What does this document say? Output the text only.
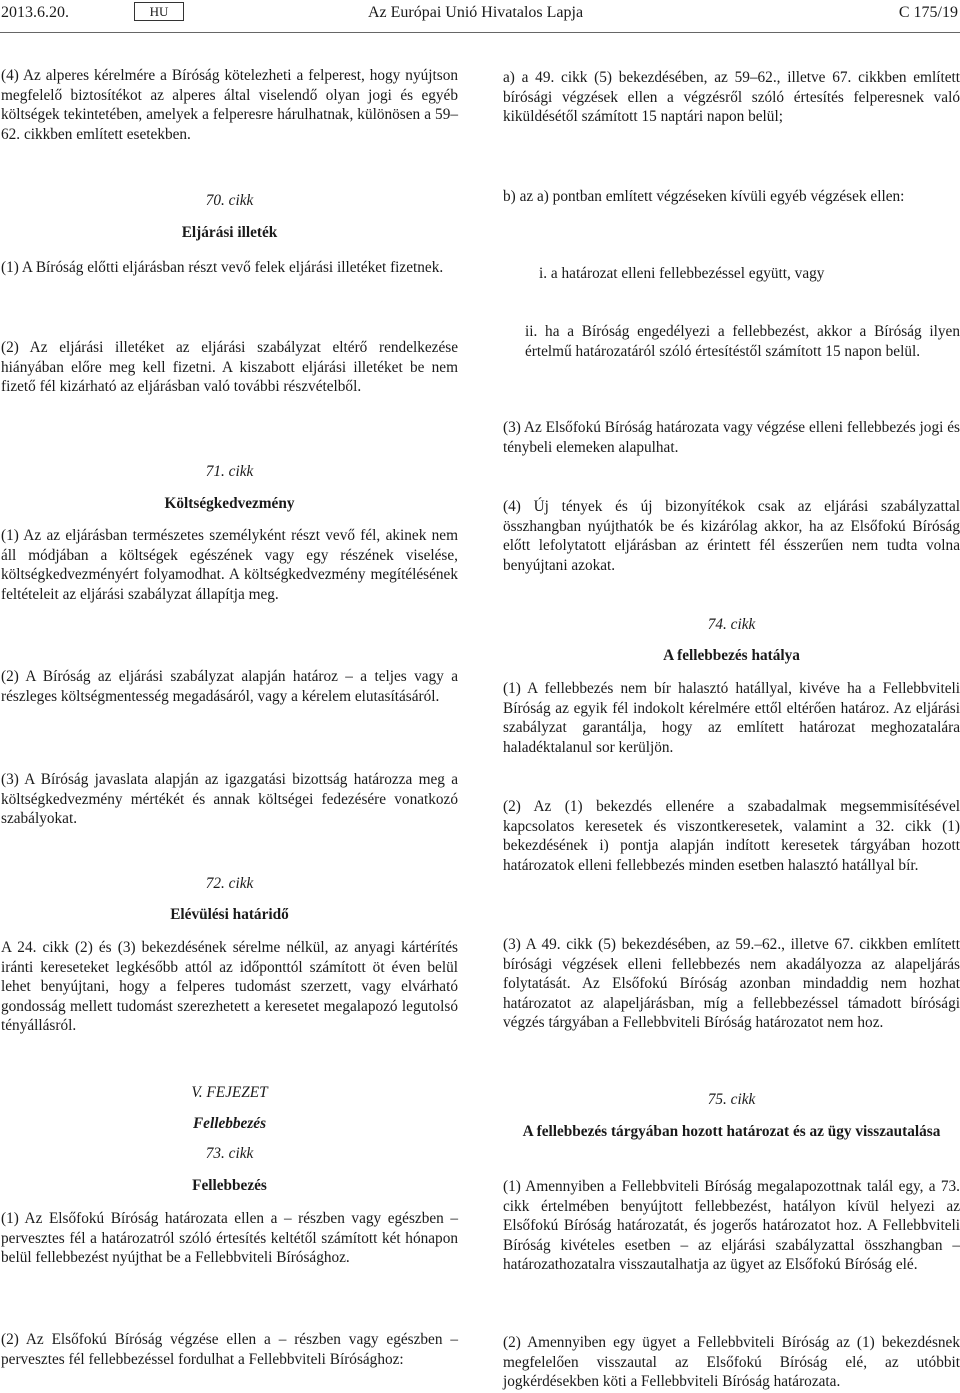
2013.6.20.	HU	Az Európai Unió Hivatalos Lapja	C 175/19

(4) Az alperes kérelmére a Bíróság kötelezheti a felperest, hogy nyújtson megfelelő biztosítékot az alperes által viselendő olyan jogi és egyéb költségek tekintetében, amelyek a felperesre hárulhatnak, különösen a 59– 62. cikkben említett esetekben.

70. cikk

Eljárási illeték

(1) A Bíróság előtti eljárásban részt vevő felek eljárási illetéket fizetnek.

(2) Az eljárási illetéket az eljárási szabályzat eltérő rendelkezése hiányában előre meg kell fizetni. A kiszabott eljárási illetéket be nem fizető fél kizárható az eljárásban való további részvételből.

71. cikk

Költségkedvezmény

(1) Az az eljárásban természetes személyként részt vevő fél, akinek nem áll módjában a költségek egészének vagy egy részének viselése, költségkedvezményért folyamodhat. A költségkedvezmény megítélésének feltételeit az eljárási szabályzat állapítja meg.

(2) A Bíróság az eljárási szabályzat alapján határoz – a teljes vagy a részleges költségmentesség megadásáról, vagy a kérelem elutasításáról.

(3) A Bíróság javaslata alapján az igazgatási bizottság határozza meg a költségkedvezmény mértékét és annak költségei fedezésére vonatkozó szabályokat.

72. cikk

Elévülési határidő

A 24. cikk (2) és (3) bekezdésének sérelme nélkül, az anyagi kártérítés iránti kereseteket legkésőbb attól az időponttól számított öt éven belül lehet benyújtani, hogy a felperes tudomást szerzett, vagy elvárható gondosság mellett tudomást szerezhetett a keresetet megalapozó legutolsó tényállásról.

V. FEJEZET

Fellebbezés

73. cikk

Fellebbezés

(1) Az Elsőfokú Bíróság határozata ellen a – részben vagy egészben – pervesztes fél a határozatról szóló értesítés keltétől számított két hónapon belül fellebbezést nyújthat be a Fellebbviteli Bírósághoz.

(2) Az Elsőfokú Bíróság végzése ellen a – részben vagy egészben – pervesztes fél fellebbezéssel fordulhat a Fellebbviteli Bírósághoz:

a) a 49. cikk (5) bekezdésében, az 59–62., illetve 67. cikkben említett bírósági végzések ellen a végzésről szóló értesítés felperesnek való kiküldésétől számított 15 naptári napon belül;

b) az a) pontban említett végzéseken kívüli egyéb végzések ellen:

i. a határozat elleni fellebbezéssel együtt, vagy

ii. ha a Bíróság engedélyezi a fellebbezést, akkor a Bíróság ilyen értelmű határozatáról szóló értesítéstől számított 15 napon belül.

(3) Az Elsőfokú Bíróság határozata vagy végzése elleni fellebbezés jogi és ténybeli elemeken alapulhat.

(4) Új tények és új bizonyítékok csak az eljárási szabályzattal összhangban nyújthatók be és kizárólag akkor, ha az Elsőfokú Bíróság előtt lefolytatott eljárásban az érintett fél ésszerűen nem tudta volna benyújtani azokat.

74. cikk

A fellebbezés hatálya

(1) A fellebbezés nem bír halasztó hatállyal, kivéve ha a Fellebbviteli Bíróság az egyik fél indokolt kérelmére ettől eltérően határoz. Az eljárási szabályzat garantálja, hogy az említett határozat meghozatalára haladéktalanul sor kerüljön.

(2) Az (1) bekezdés ellenére a szabadalmak megsemmisítésével kapcsolatos keresetek és viszontkeresetek, valamint a 32. cikk (1) bekezdésének i) pontja alapján indított keresetek tárgyában hozott határozatok elleni fellebbezés minden esetben halasztó hatállyal bír.

(3) A 49. cikk (5) bekezdésében, az 59.–62., illetve 67. cikkben említett bírósági végzések elleni fellebbezés nem akadályozza az alapeljárás folytatását. Az Elsőfokú Bíróság azonban mindaddig nem hozhat határozatot az alapeljárásban, míg a fellebbezéssel támadott bírósági végzés tárgyában a Fellebbviteli Bíróság határozatot nem hoz.

75. cikk

A fellebbezés tárgyában hozott határozat és az ügy visszautalása

(1) Amennyiben a Fellebbviteli Bíróság megalapozottnak talál egy, a 73. cikk értelmében benyújtott fellebbezést, hatályon kívül helyezi az Elsőfokú Bíróság határozatát, és jogerős határozatot hoz. A Fellebbviteli Bíróság kivételes esetben – az eljárási szabályzattal összhangban – határozathozatalra visszautalhatja az ügyet az Elsőfokú Bíróság elé.

(2) Amennyiben egy ügyet a Fellebbviteli Bíróság az (1) bekezdésnek megfelelően visszautal az Elsőfokú Bíróság elé, az utóbbit jogkérdésekben köti a Fellebbviteli Bíróság határozata.
